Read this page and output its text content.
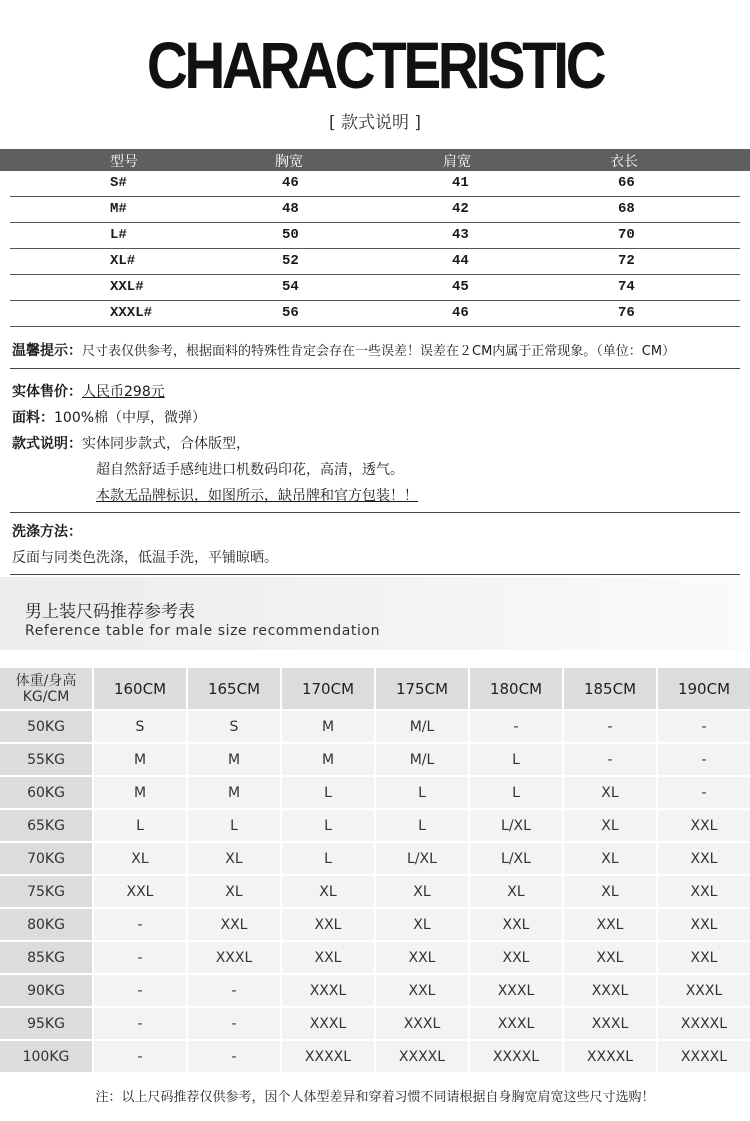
CHARACTERISTIC
[ 款式说明 ]
型号	胸宽	肩宽	衣长
S#	46	41	66
M#	48	42	68
L#	50	43	70
XL#	52	44	72
XXL#	54	45	74
XXXL#	56	46	76
温馨提示：尺寸表仅供参考，根据面料的特殊性肯定会存在一些误差！误差在２CM内属于正常现象。（单位：CM）
实体售价：人民币298元
面料：100%棉（中厚，微弹）
款式说明：实体同步款式，合体版型，
超自然舒适手感纯进口机数码印花，高清，透气。
本款无品牌标识，如图所示，缺吊牌和官方包装！！
洗涤方法：
反面与同类色洗涤，低温手洗，平铺晾晒。
男上装尺码推荐参考表
Reference table for male size recommendation
体重/身高
KG/CM	160CM	165CM	170CM	175CM	180CM	185CM	190CM
50KG	S	S	M	M/L	-	-	-
55KG	M	M	M	M/L	L	-	-
60KG	M	M	L	L	L	XL	-
65KG	L	L	L	L	L/XL	XL	XXL
70KG	XL	XL	L	L/XL	L/XL	XL	XXL
75KG	XXL	XL	XL	XL	XL	XL	XXL
80KG	-	XXL	XXL	XL	XXL	XXL	XXL
85KG	-	XXXL	XXL	XXL	XXL	XXL	XXL
90KG	-	-	XXXL	XXL	XXXL	XXXL	XXXL
95KG	-	-	XXXL	XXXL	XXXL	XXXL	XXXXL
100KG	-	-	XXXXL	XXXXL	XXXXL	XXXXL	XXXXL
注：以上尺码推荐仅供参考，因个人体型差异和穿着习惯不同请根据自身胸宽肩宽这些尺寸选购！
